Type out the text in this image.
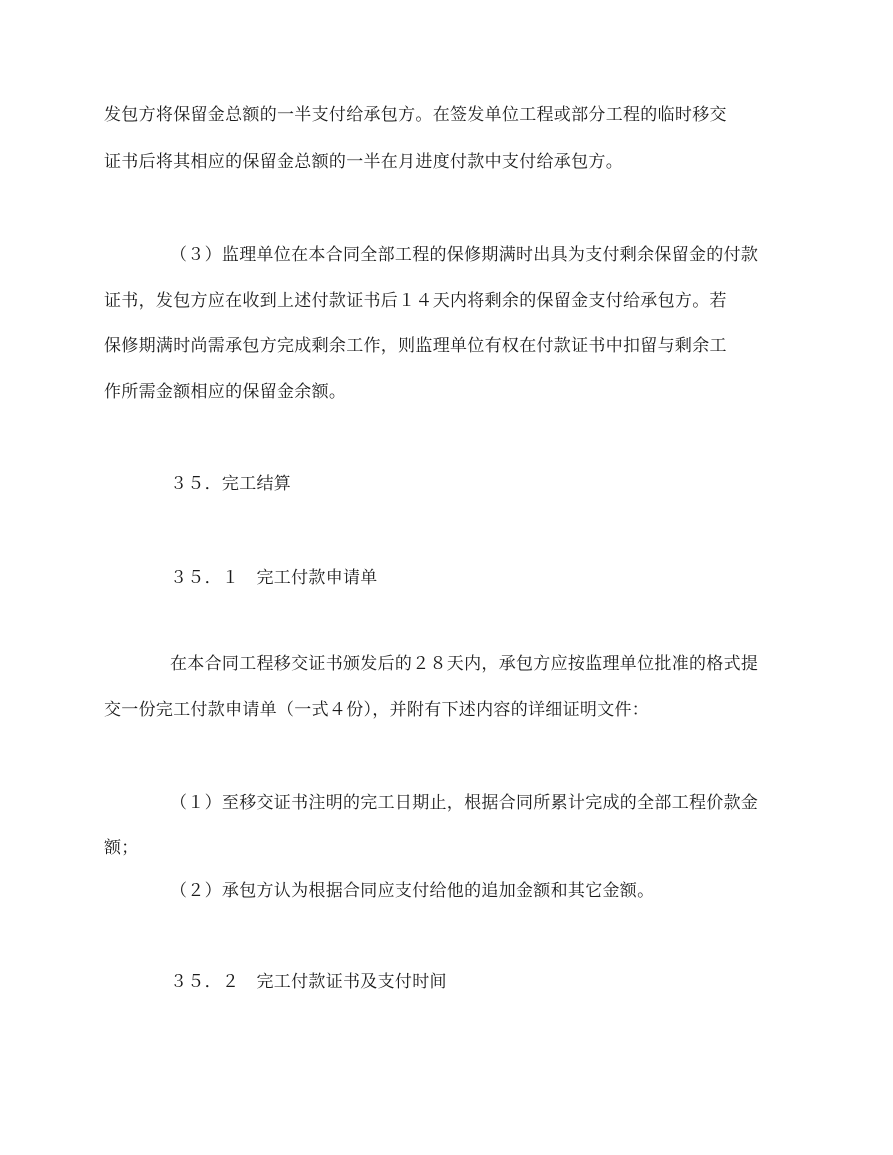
发包方将保留金总额的一半支付给承包方。在签发单位工程或部分工程的临时移交
证书后将其相应的保留金总额的一半在月进度付款中支付给承包方。
（３）监理单位在本合同全部工程的保修期满时出具为支付剩余保留金的付款
证书，发包方应在收到上述付款证书后１４天内将剩余的保留金支付给承包方。若
保修期满时尚需承包方完成剩余工作，则监理单位有权在付款证书中扣留与剩余工
作所需金额相应的保留金余额。
３５．完工结算
３５．１　完工付款申请单
在本合同工程移交证书颁发后的２８天内，承包方应按监理单位批准的格式提
交一份完工付款申请单（一式４份），并附有下述内容的详细证明文件：
（１）至移交证书注明的完工日期止，根据合同所累计完成的全部工程价款金
额；
（２）承包方认为根据合同应支付给他的追加金额和其它金额。
３５．２　完工付款证书及支付时间
